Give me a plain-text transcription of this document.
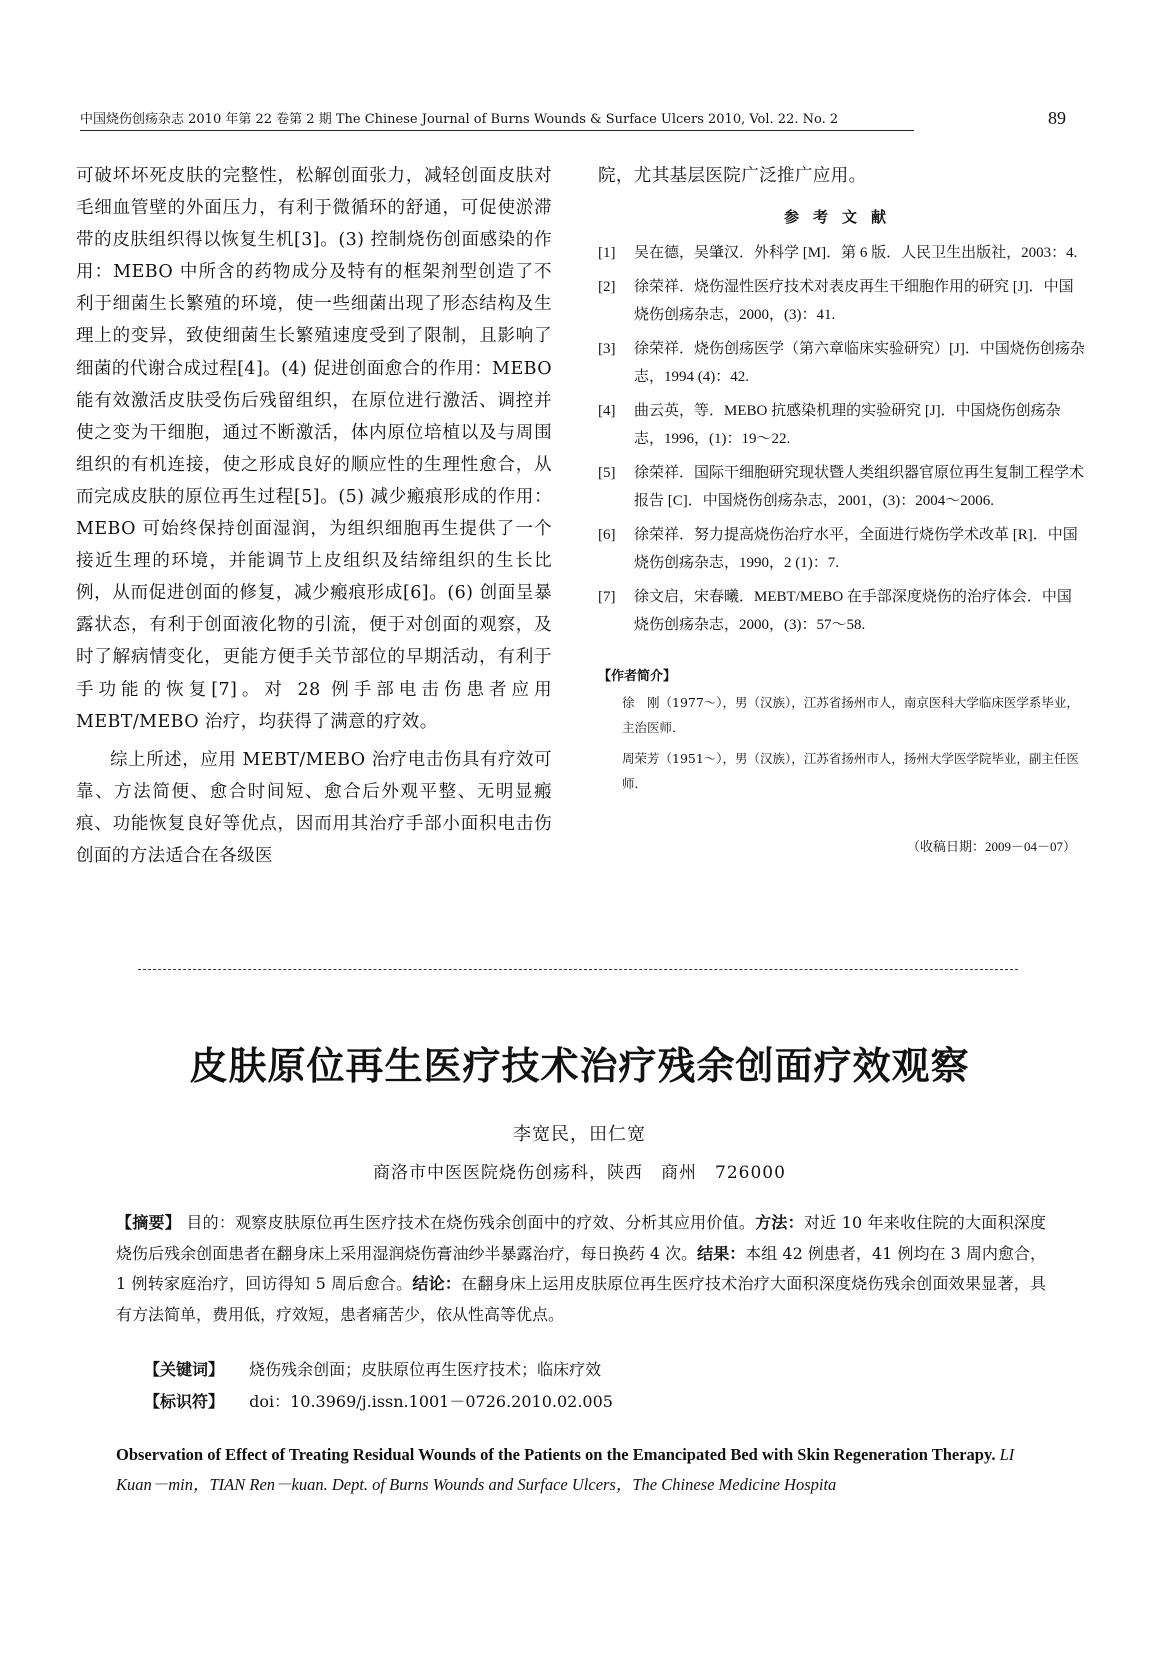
中国烧伤创疡杂志 2010 年第 22 卷第 2 期 The Chinese Journal of Burns Wounds & Surface Ulcers 2010, Vol. 22. No. 2	89

可破坏坏死皮肤的完整性，松解创面张力，减轻创面皮肤对毛细血管壁的外面压力，有利于微循环的舒通，可促使淤滞带的皮肤组织得以恢复生机[3]。(3) 控制烧伤创面感染的作用：MEBO 中所含的药物成分及特有的框架剂型创造了不利于细菌生长繁殖的环境，使一些细菌出现了形态结构及生理上的变异，致使细菌生长繁殖速度受到了限制，且影响了细菌的代谢合成过程[4]。(4) 促进创面愈合的作用：MEBO 能有效激活皮肤受伤后残留组织，在原位进行激活、调控并使之变为干细胞，通过不断激活，体内原位培植以及与周围组织的有机连接，使之形成良好的顺应性的生理性愈合，从而完成皮肤的原位再生过程[5]。(5) 减少瘢痕形成的作用：MEBO 可始终保持创面湿润，为组织细胞再生提供了一个接近生理的环境，并能调节上皮组织及结缔组织的生长比例，从而促进创面的修复，减少瘢痕形成[6]。(6) 创面呈暴露状态，有利于创面液化物的引流，便于对创面的观察，及时了解病情变化，更能方便手关节部位的早期活动，有利于手功能的恢复[7]。对 28 例手部电击伤患者应用 MEBT/MEBO 治疗，均获得了满意的疗效。

综上所述，应用 MEBT/MEBO 治疗电击伤具有疗效可靠、方法简便、愈合时间短、愈合后外观平整、无明显瘢痕、功能恢复良好等优点，因而用其治疗手部小面积电击伤创面的方法适合在各级医

院，尤其基层医院广泛推广应用。

参考文献
[1]	吴在德，吴肇汉．外科学 [M]．第 6 版．人民卫生出版社，2003：4.
[2]	徐荣祥．烧伤湿性医疗技术对表皮再生干细胞作用的研究 [J]．中国烧伤创疡杂志，2000，(3)：41.
[3]	徐荣祥．烧伤创疡医学（第六章临床实验研究）[J]．中国烧伤创疡杂志，1994 (4)：42.
[4]	曲云英，等．MEBO 抗感染机理的实验研究 [J]．中国烧伤创疡杂志，1996，(1)：19～22.
[5]	徐荣祥．国际干细胞研究现状暨人类组织器官原位再生复制工程学术报告 [C]．中国烧伤创疡杂志，2001，(3)：2004～2006.
[6]	徐荣祥．努力提高烧伤治疗水平，全面进行烧伤学术改革 [R]．中国烧伤创疡杂志，1990，2 (1)：7.
[7]	徐文启，宋春曦．MEBT/MEBO 在手部深度烧伤的治疗体会．中国烧伤创疡杂志，2000，(3)：57～58.
【作者简介】
徐　刚（1977～），男（汉族），江苏省扬州市人，南京医科大学临床医学系毕业，主治医师．
周荣芳（1951～），男（汉族），江苏省扬州市人，扬州大学医学院毕业，副主任医师．
（收稿日期：2009－04－07）
皮肤原位再生医疗技术治疗残余创面疗效观察
李宽民，田仁宽
商洛市中医医院烧伤创疡科，陕西　商州　726000
【摘要】 目的：观察皮肤原位再生医疗技术在烧伤残余创面中的疗效、分析其应用价值。方法：对近 10 年来收住院的大面积深度烧伤后残余创面患者在翻身床上采用湿润烧伤膏油纱半暴露治疗，每日换药 4 次。结果：本组 42 例患者，41 例均在 3 周内愈合，1 例转家庭治疗，回访得知 5 周后愈合。结论：在翻身床上运用皮肤原位再生医疗技术治疗大面积深度烧伤残余创面效果显著，具有方法简单，费用低，疗效短，患者痛苦少，依从性高等优点。
【关键词】 烧伤残余创面；皮肤原位再生医疗技术；临床疗效
【标识符】 doi：10.3969/j.issn.1001－0726.2010.02.005
Observation of Effect of Treating Residual Wounds of the Patients on the Emancipated Bed with Skin Regeneration Therapy. LI Kuan－min，TIAN Ren－kuan. Dept. of Burns Wounds and Surface Ulcers，The Chinese Medicine Hospita
